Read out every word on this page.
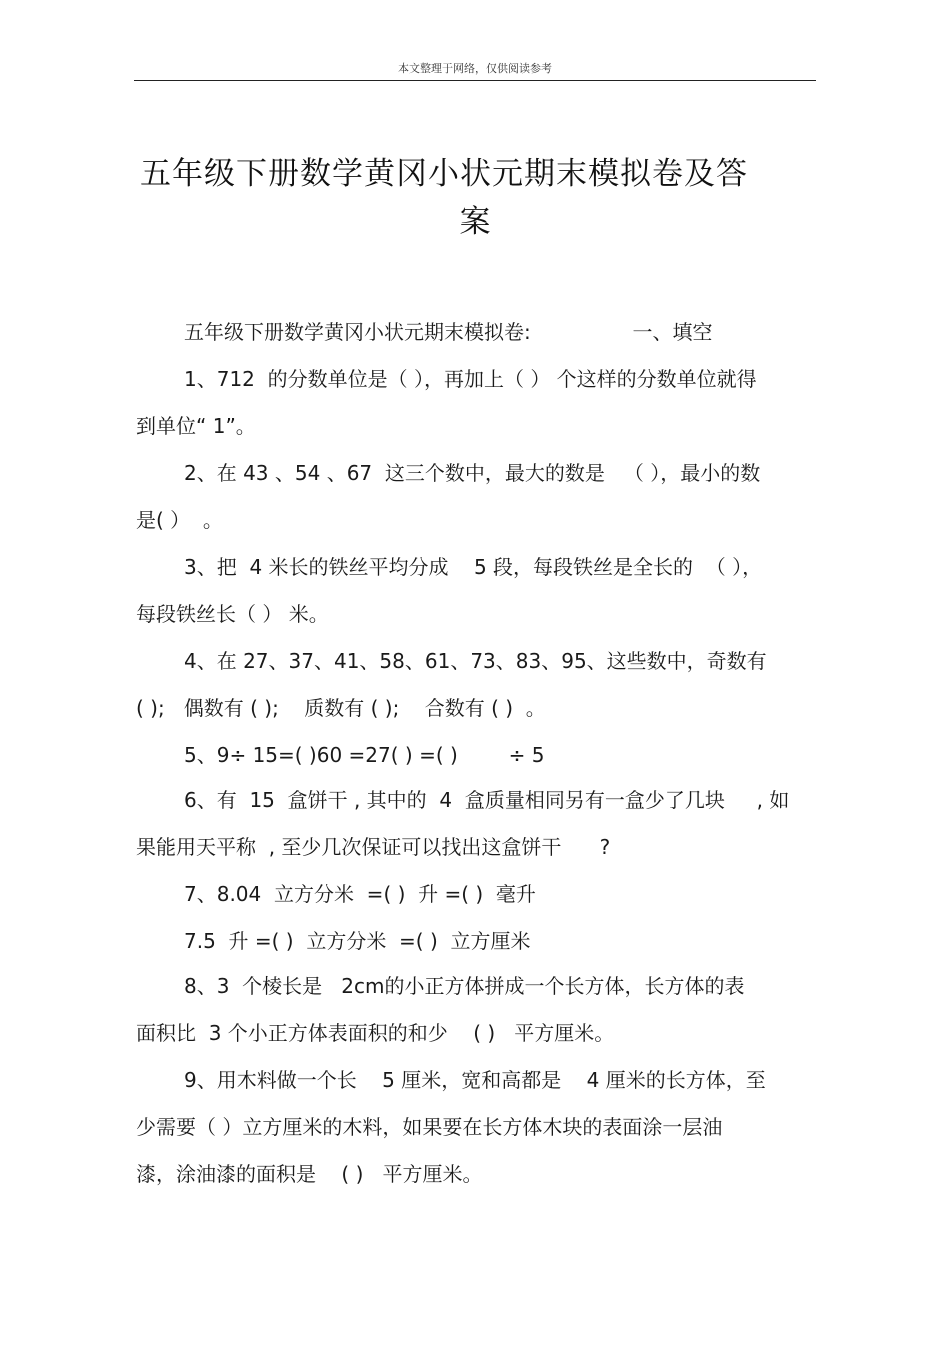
本文整理于网络，仅供阅读参考
五年级下册数学黄冈小状元期末模拟卷及答
案
五年级下册数学黄冈小状元期末模拟卷:                一、填空
1、712  的分数单位是（ ），再加上（ ） 个这样的分数单位就得
到单位“ 1”。
2、在 43 、54 、67  这三个数中，最大的数是   （ ），最小的数
是( ）  。
3、把  4 米长的铁丝平均分成    5 段，每段铁丝是全长的  （ ），
每段铁丝长（ ） 米。
4、在 27、37、41、58、61、73、83、95、这些数中，奇数有
( );   偶数有 ( );    质数有 ( );    合数有 ( )  。
5、9÷ 15=( )60 =27( ) =( )        ÷ 5
6、有  15  盒饼干 , 其中的  4  盒质量相同另有一盒少了几块     , 如
果能用天平称  , 至少几次保证可以找出这盒饼干      ?
7、8.04  立方分米  =( )  升 =( )  毫升
7.5  升 =( )  立方分米  =( )  立方厘米
8、3  个棱长是   2cm的小正方体拼成一个长方体，长方体的表
面积比  3 个小正方体表面积的和少    ( )   平方厘米。
9、用木料做一个长    5 厘米，宽和高都是    4 厘米的长方体，至
少需要（ ）立方厘米的木料，如果要在长方体木块的表面涂一层油
漆，涂油漆的面积是    ( )   平方厘米。
